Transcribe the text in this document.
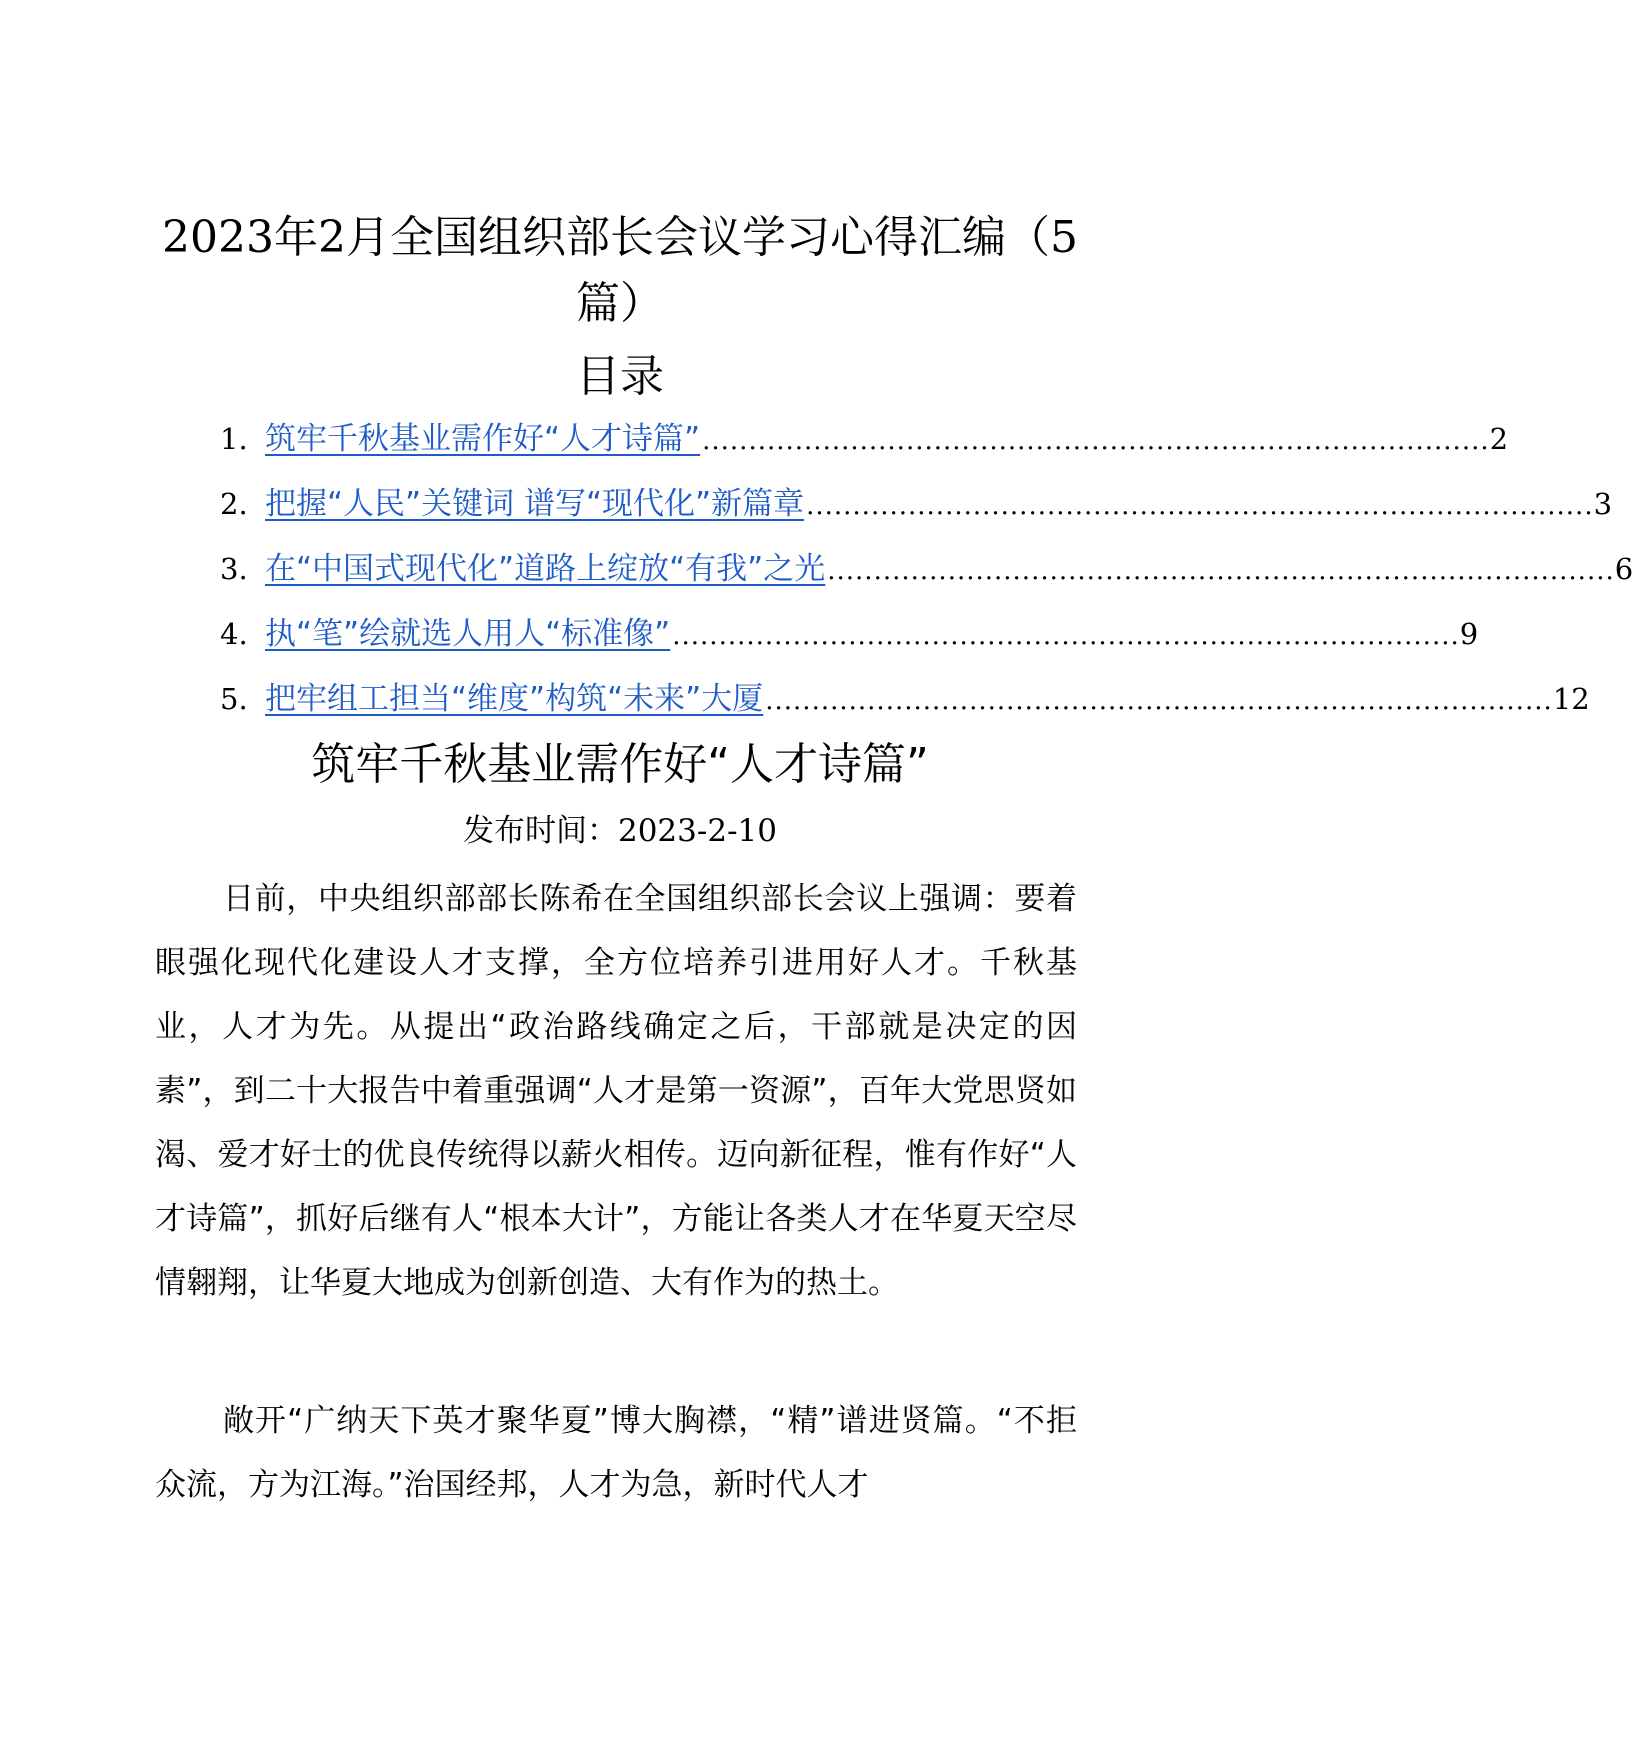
2023年2月全国组织部长会议学习心得汇编（5篇）
目录
1. 筑牢千秋基业需作好“人才诗篇” ..................................................................................... 2
2. 把握“人民”关键词 谱写“现代化”新篇章 ..................................................................................... 3
3. 在“中国式现代化”道路上绽放“有我”之光 ..................................................................................... 6
4. 执“笔”绘就选人用人“标准像” ..................................................................................... 9
5. 把牢组工担当“维度”构筑“未来”大厦 ..................................................................................... 12
筑牢千秋基业需作好“人才诗篇”
发布时间：2023-2-10

日前，中央组织部部长陈希在全国组织部长会议上强调：要着眼强化现代化建设人才支撑，全方位培养引进用好人才。千秋基业，人才为先。从提出“政治路线确定之后，干部就是决定的因素”，到二十大报告中着重强调“人才是第一资源”，百年大党思贤如渴、爱才好士的优良传统得以薪火相传。迈向新征程，惟有作好“人才诗篇”，抓好后继有人“根本大计”，方能让各类人才在华夏天空尽情翱翔，让华夏大地成为创新创造、大有作为的热土。

敞开“广纳天下英才聚华夏”博大胸襟，“精”谱进贤篇。“不拒众流，方为江海。”治国经邦，人才为急，新时代人才
